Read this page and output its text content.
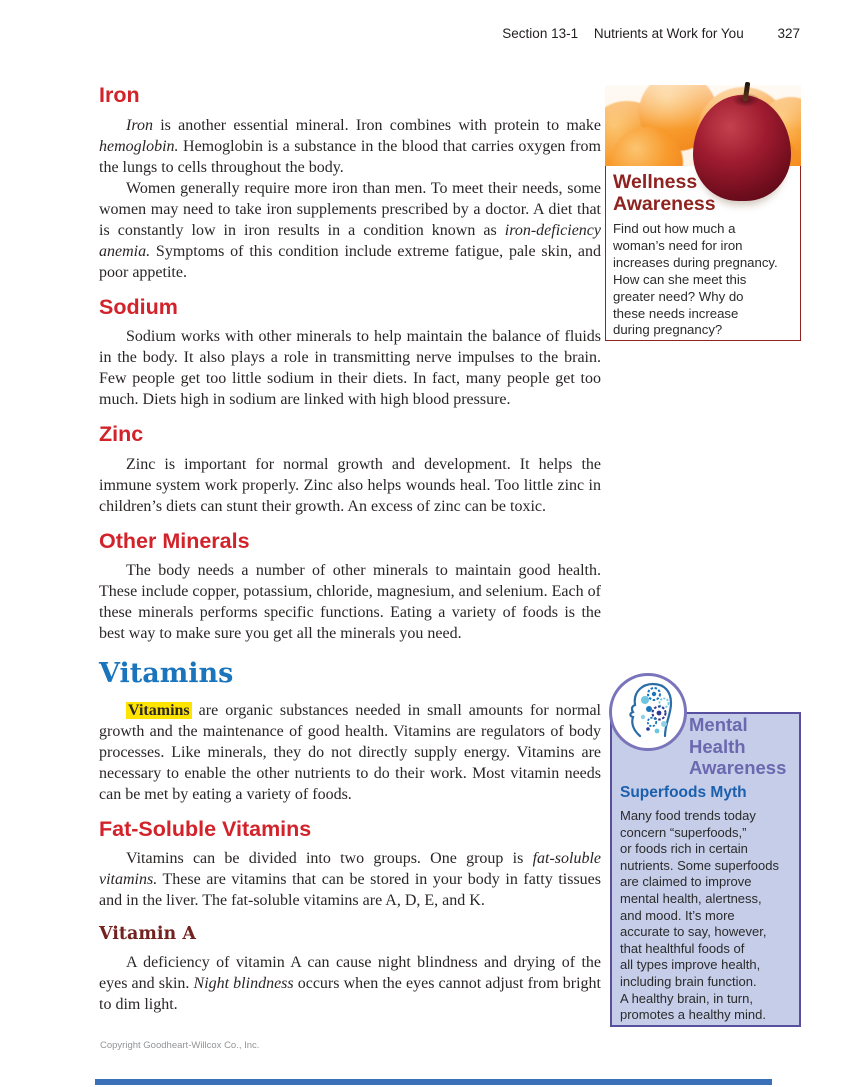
Section 13-1 Nutrients at Work for You	327
Iron

Iron is another essential mineral. Iron combines with protein to make hemoglobin. Hemoglobin is a substance in the blood that carries oxygen from the lungs to cells throughout the body.

Women generally require more iron than men. To meet their needs, some women may need to take iron supplements prescribed by a doctor. A diet that is constantly low in iron results in a condition known as iron-deficiency anemia. Symptoms of this condition include extreme fatigue, pale skin, and poor appetite.

Sodium

Sodium works with other minerals to help maintain the balance of fluids in the body. It also plays a role in transmitting nerve impulses to the brain. Few people get too little sodium in their diets. In fact, many people get too much. Diets high in sodium are linked with high blood pressure.

Zinc

Zinc is important for normal growth and development. It helps the immune system work properly. Zinc also helps wounds heal. Too little zinc in children’s diets can stunt their growth. An excess of zinc can be toxic.

Other Minerals

The body needs a number of other minerals to maintain good health. These include copper, potassium, chloride, magnesium, and selenium. Each of these minerals performs specific functions. Eating a variety of foods is the best way to make sure you get all the minerals you need.

Vitamins

Vitamins are organic substances needed in small amounts for normal growth and the maintenance of good health. Vitamins are regulators of body processes. Like minerals, they do not directly supply energy. Vitamins are necessary to enable the other nutrients to do their work. Most vitamin needs can be met by eating a variety of foods.

Fat-Soluble Vitamins

Vitamins can be divided into two groups. One group is fat-soluble vitamins. These are vitamins that can be stored in your body in fatty tissues and in the liver. The fat-soluble vitamins are A, D, E, and K.

Vitamin A

A deficiency of vitamin A can cause night blindness and drying of the eyes and skin. Night blindness occurs when the eyes cannot adjust from bright to dim light.

Wellness
Awareness
Find out how much a
woman’s need for iron
increases during pregnancy.
How can she meet this
greater need? Why do
these needs increase
during pregnancy?
Mental
Health
Awareness
Superfoods Myth
Many food trends today
concern “superfoods,”
or foods rich in certain
nutrients. Some superfoods
are claimed to improve
mental health, alertness,
and mood. It’s more
accurate to say, however,
that healthful foods of
all types improve health,
including brain function.
A healthy brain, in turn,
promotes a healthy mind.
Copyright Goodheart-Willcox Co., Inc.
